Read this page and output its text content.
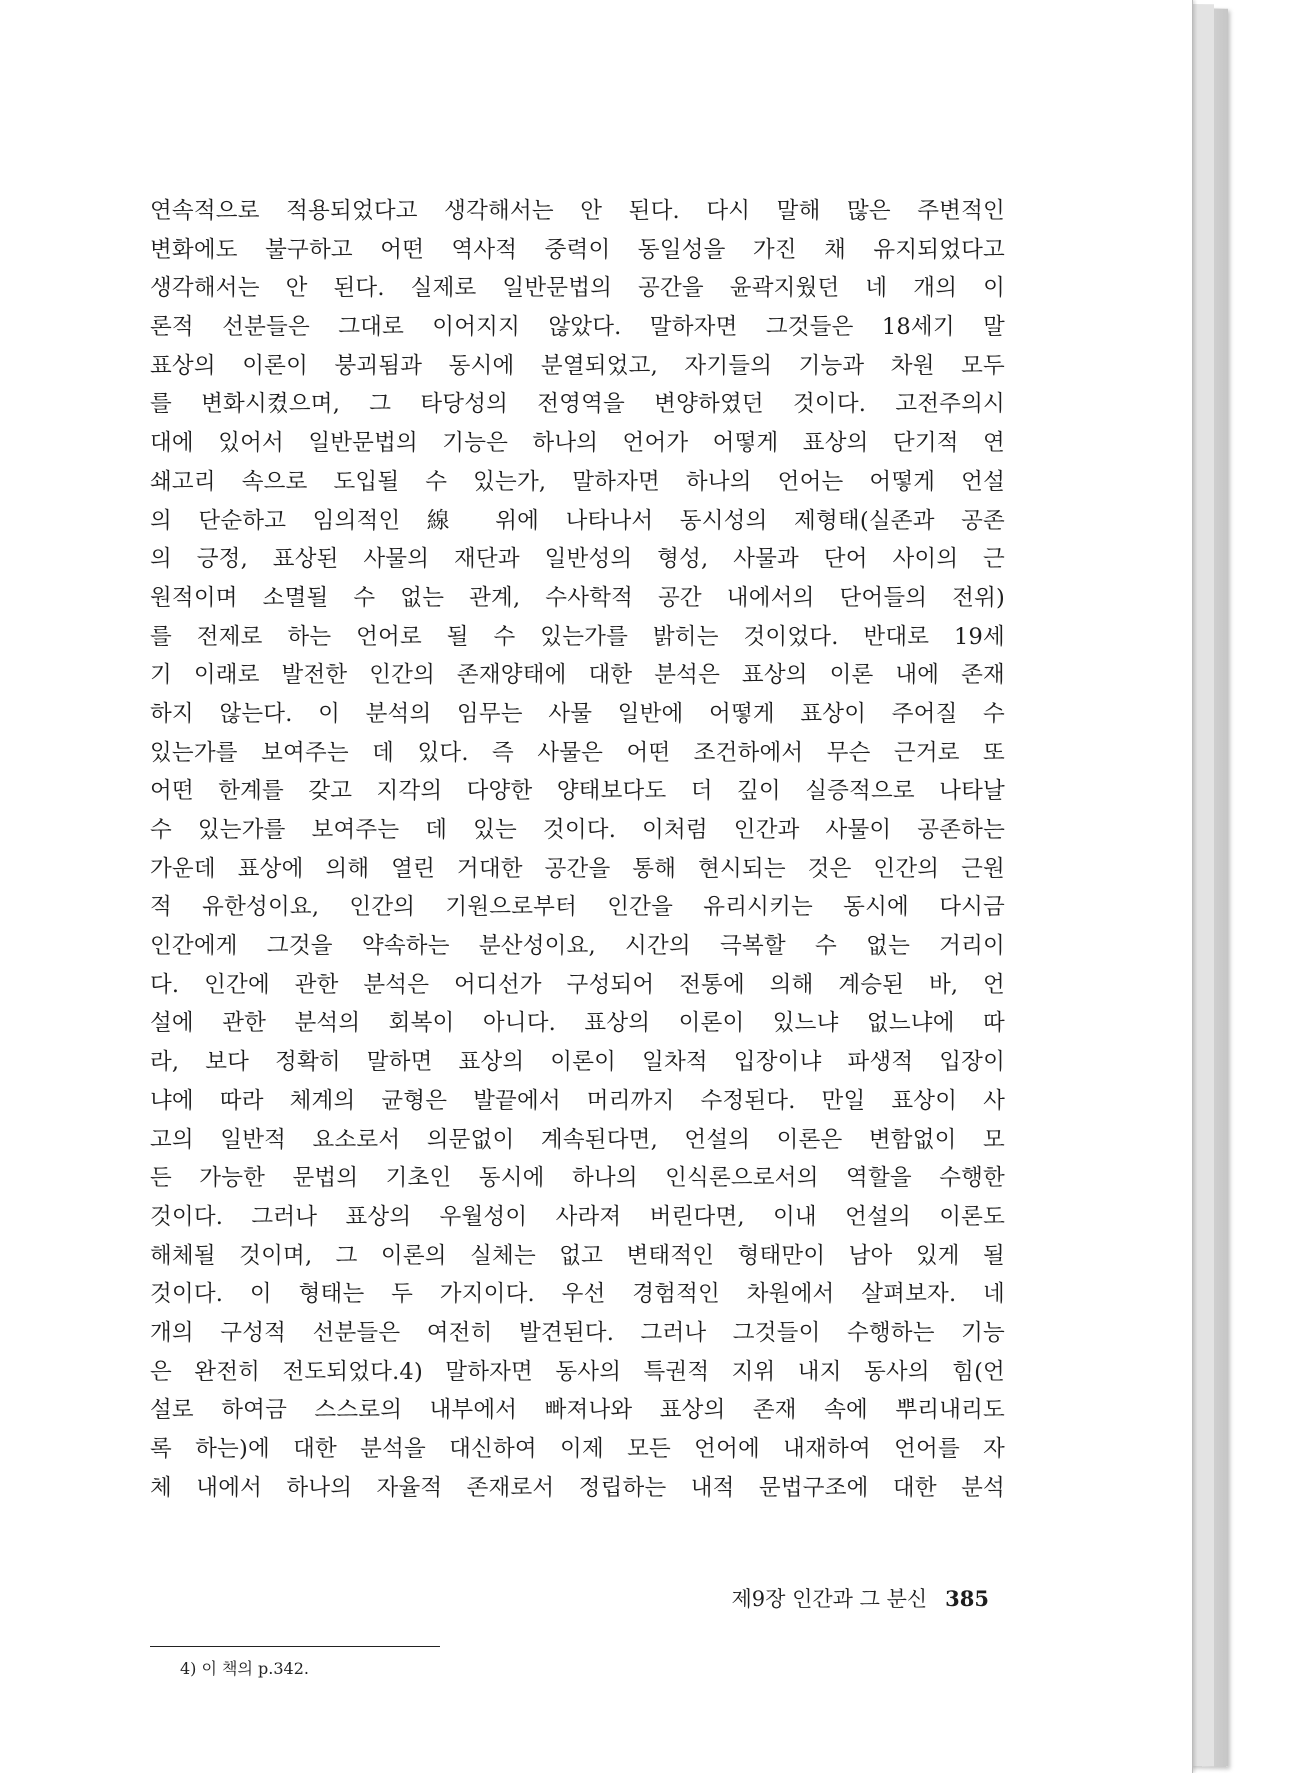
연속적으로 적용되었다고 생각해서는 안 된다. 다시 말해 많은 주변적인
변화에도 불구하고 어떤 역사적 중력이 동일성을 가진 채 유지되었다고
생각해서는 안 된다. 실제로 일반문법의 공간을 윤곽지웠던 네 개의 이
론적 선분들은 그대로 이어지지 않았다. 말하자면 그것들은 18세기 말
표상의 이론이 붕괴됨과 동시에 분열되었고, 자기들의 기능과 차원 모두
를 변화시켰으며, 그 타당성의 전영역을 변양하였던 것이다. 고전주의시
대에 있어서 일반문법의 기능은 하나의 언어가 어떻게 표상의 단기적 연
쇄고리 속으로 도입될 수 있는가, 말하자면 하나의 언어는 어떻게 언설
의 단순하고 임의적인 線 위에 나타나서 동시성의 제형태(실존과 공존
의 긍정, 표상된 사물의 재단과 일반성의 형성, 사물과 단어 사이의 근
원적이며 소멸될 수 없는 관계, 수사학적 공간 내에서의 단어들의 전위)
를 전제로 하는 언어로 될 수 있는가를 밝히는 것이었다. 반대로 19세
기 이래로 발전한 인간의 존재양태에 대한 분석은 표상의 이론 내에 존재
하지 않는다. 이 분석의 임무는 사물 일반에 어떻게 표상이 주어질 수
있는가를 보여주는 데 있다. 즉 사물은 어떤 조건하에서 무슨 근거로 또
어떤 한계를 갖고 지각의 다양한 양태보다도 더 깊이 실증적으로 나타날
수 있는가를 보여주는 데 있는 것이다. 이처럼 인간과 사물이 공존하는
가운데 표상에 의해 열린 거대한 공간을 통해 현시되는 것은 인간의 근원
적 유한성이요, 인간의 기원으로부터 인간을 유리시키는 동시에 다시금
인간에게 그것을 약속하는 분산성이요, 시간의 극복할 수 없는 거리이
다. 인간에 관한 분석은 어디선가 구성되어 전통에 의해 계승된 바, 언
설에 관한 분석의 회복이 아니다. 표상의 이론이 있느냐 없느냐에 따
라, 보다 정확히 말하면 표상의 이론이 일차적 입장이냐 파생적 입장이
냐에 따라 체계의 균형은 발끝에서 머리까지 수정된다. 만일 표상이 사
고의 일반적 요소로서 의문없이 계속된다면, 언설의 이론은 변함없이 모
든 가능한 문법의 기초인 동시에 하나의 인식론으로서의 역할을 수행한
것이다. 그러나 표상의 우월성이 사라져 버린다면, 이내 언설의 이론도
해체될 것이며, 그 이론의 실체는 없고 변태적인 형태만이 남아 있게 될
것이다. 이 형태는 두 가지이다. 우선 경험적인 차원에서 살펴보자. 네
개의 구성적 선분들은 여전히 발견된다. 그러나 그것들이 수행하는 기능
은 완전히 전도되었다.4) 말하자면 동사의 특권적 지위 내지 동사의 힘(언
설로 하여금 스스로의 내부에서 빠져나와 표상의 존재 속에 뿌리내리도
록 하는)에 대한 분석을 대신하여 이제 모든 언어에 내재하여 언어를 자
체 내에서 하나의 자율적 존재로서 정립하는 내적 문법구조에 대한 분석
4) 이 책의 p.342.
제9장 인간과 그 분신 385
